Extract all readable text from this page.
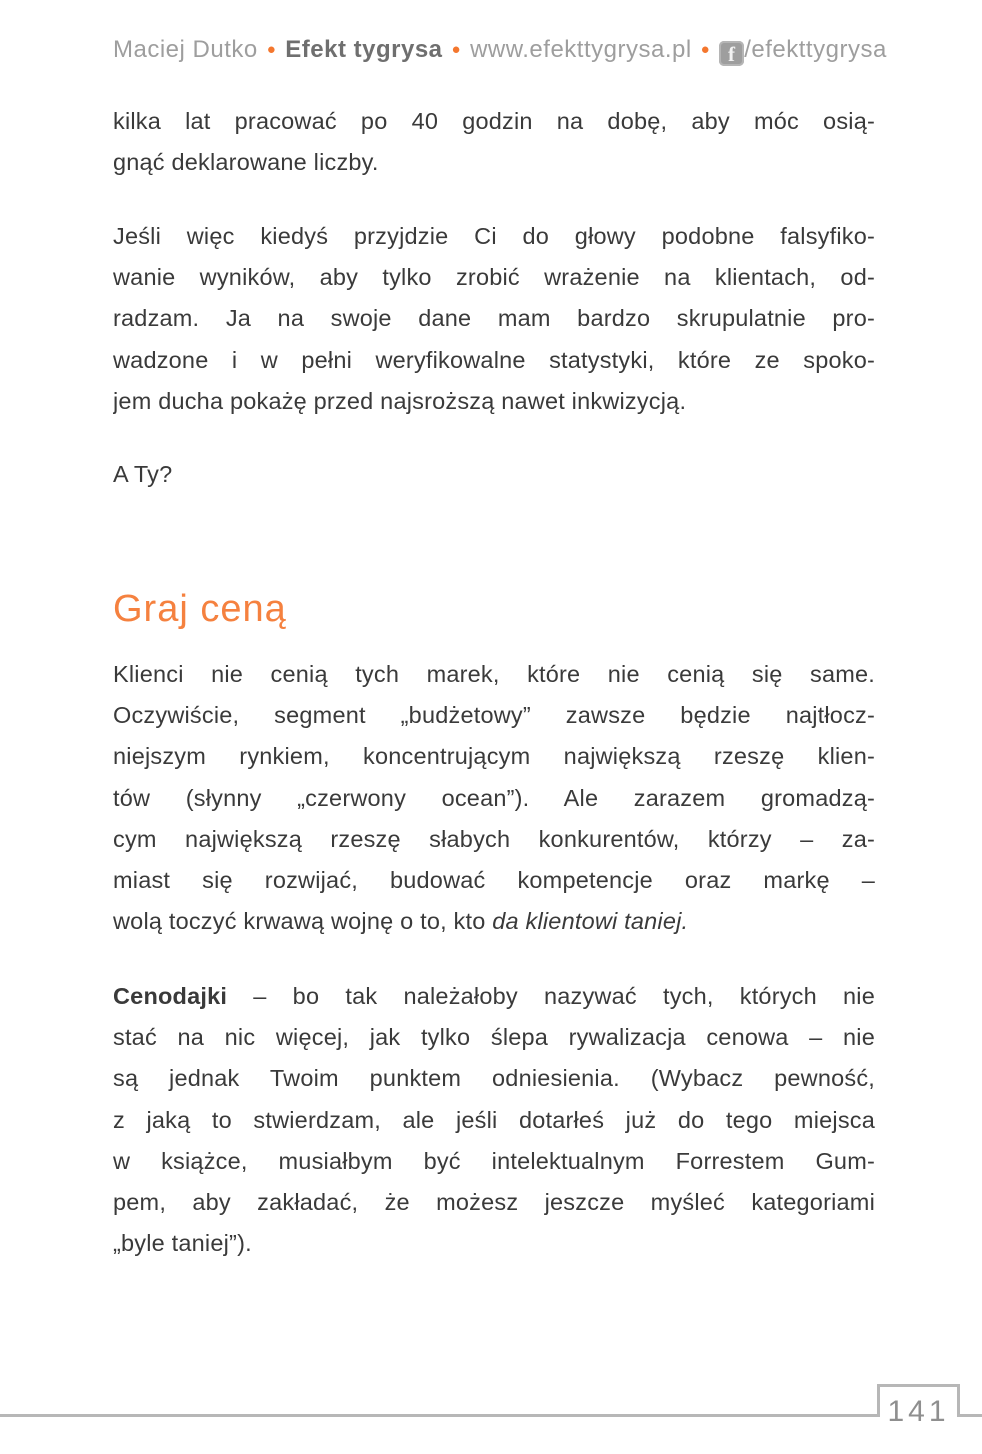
Maciej Dutko ● Efekt tygrysa ● www.efekttygrysa.pl ● f /efekttygrysa
kilka lat pracować po 40 godzin na dobę, aby móc osią-
gnąć deklarowane liczby.
Jeśli więc kiedyś przyjdzie Ci do głowy podobne falsyfiko-
wanie wyników, aby tylko zrobić wrażenie na klientach, od-
radzam. Ja na swoje dane mam bardzo skrupulatnie pro-
wadzone i w pełni weryfikowalne statystyki, które ze spoko-
jem ducha pokażę przed najsroższą nawet inkwizycją.
A Ty?
Graj ceną
Klienci nie cenią tych marek, które nie cenią się same.
Oczywiście, segment „budżetowy” zawsze będzie najtłocz-
niejszym rynkiem, koncentrującym największą rzeszę klien-
tów (słynny „czerwony ocean”). Ale zarazem gromadzą-
cym największą rzeszę słabych konkurentów, którzy – za-
miast się rozwijać, budować kompetencje oraz markę –
wolą toczyć krwawą wojnę o to, kto da klientowi taniej.
Cenodajki – bo tak należałoby nazywać tych, których nie
stać na nic więcej, jak tylko ślepa rywalizacja cenowa – nie
są jednak Twoim punktem odniesienia. (Wybacz pewność,
z jaką to stwierdzam, ale jeśli dotarłeś już do tego miejsca
w książce, musiałbym być intelektualnym Forrestem Gum-
pem, aby zakładać, że możesz jeszcze myśleć kategoriami
„byle taniej”).
141
